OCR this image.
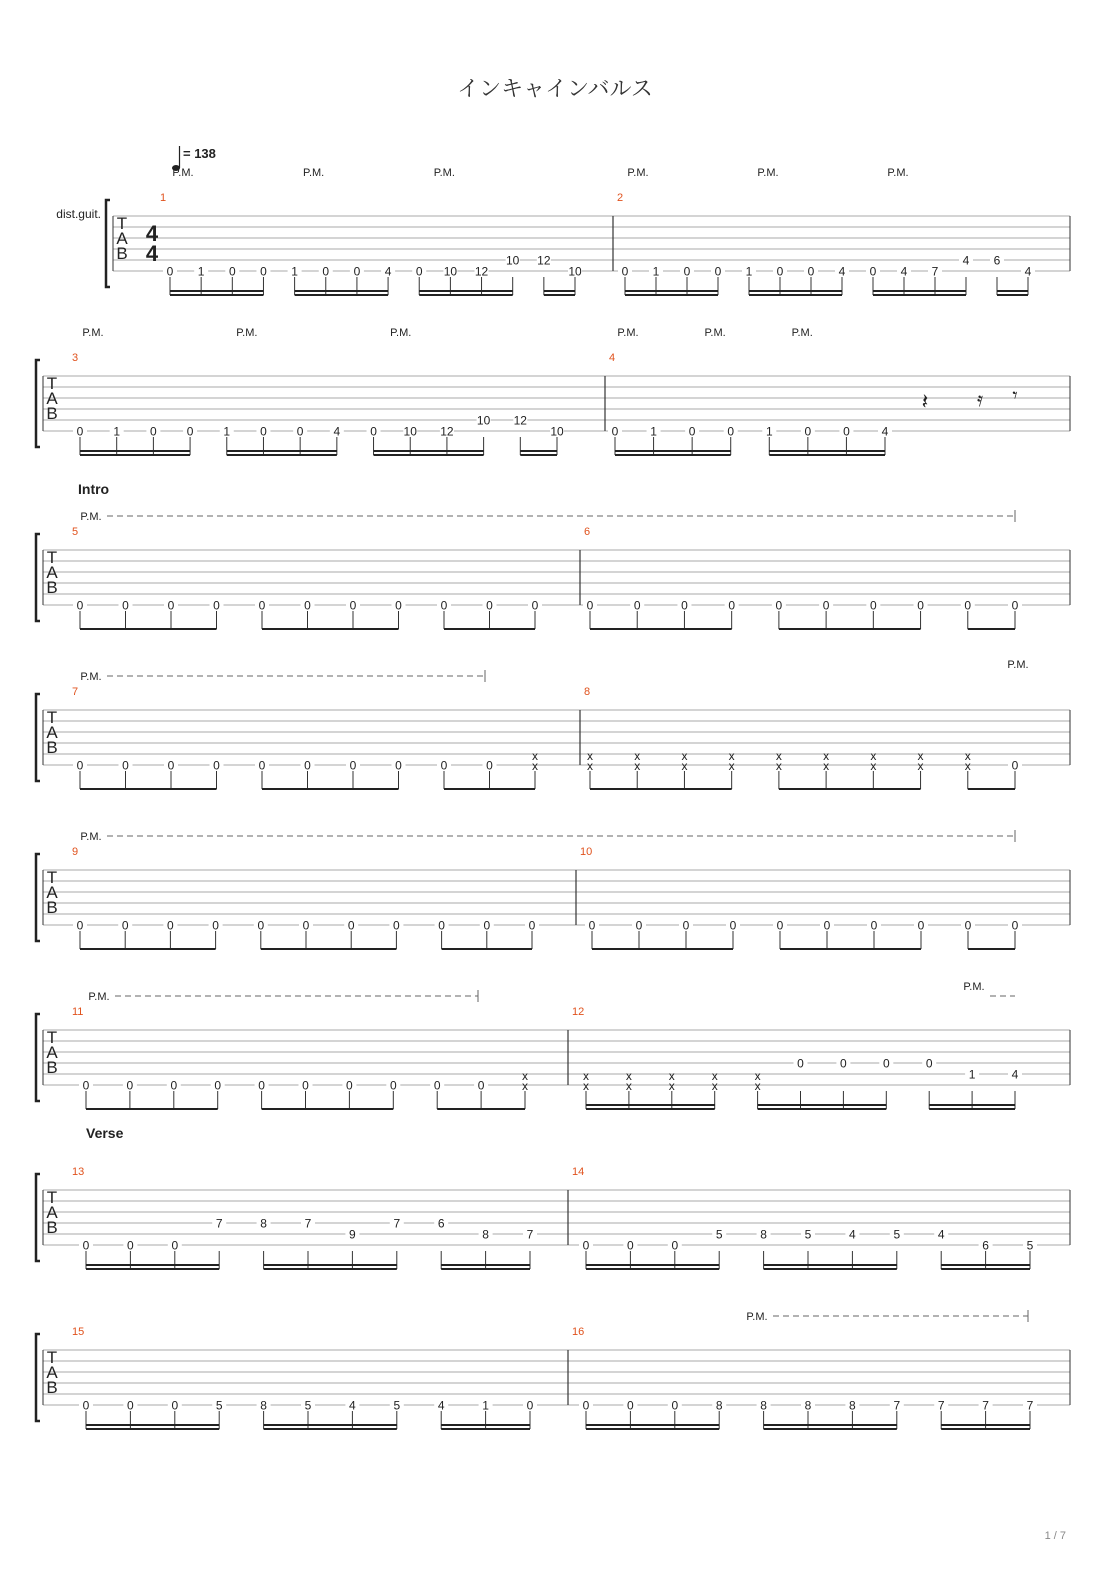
インキャインバルス
= 138
dist.guit. T
A
B
4
4
1
0 1 0 0 1 0 0 4 0 10 12
10 12
10
P.M.	P.M.	P.M.
2
0 1 0 0 1 0 0 4 0 4 7
4 6
4
P.M.	P.M.	P.M.
T
A
B
3
0	1	0	0	1	0	0	4	0 10 12
10 12
10
P.M.	P.M.	P.M.
4
0	1	0	0	1	0	0	4
P.M.	P.M.	P.M.
𝄽 𝄿 𝄾
T
A
B
5
0	0	0	0	0	0	0	0	0	0	0
6
0	0	0	0	0	0	0	0	0	0
P.M.
T
A
B
7
0	0	0	0	0	0	0	0	0	0
x
x
8
x
x
x
x
x
x
x
x
x
x
x
x
x
x
x
x
x
x	0
P.M.
P.M.
T
A
B
9
0	0	0	0	0	0	0	0	0	0	0
10
0	0	0	0	0	0	0	0	0	0
P.M.
T
A
B
11
0	0	0	0	0	0	0	0	0	0
x
x
12
x
x
x
x
x
x
x
x
x
x
0	0	0	0
1	4
P.M.
P.M.
T
A
B
13
0	0	0
7	8	7
9
7	6
8	7
14
0	0	0
5	8	5	4	5	4
6	5
T
A
B
15
0	0	0	5	8	5	4	5	4	1	0
16
0	0	0	8	8	8	8	7	7	7	7
P.M.
Intro
Verse
1 / 7
